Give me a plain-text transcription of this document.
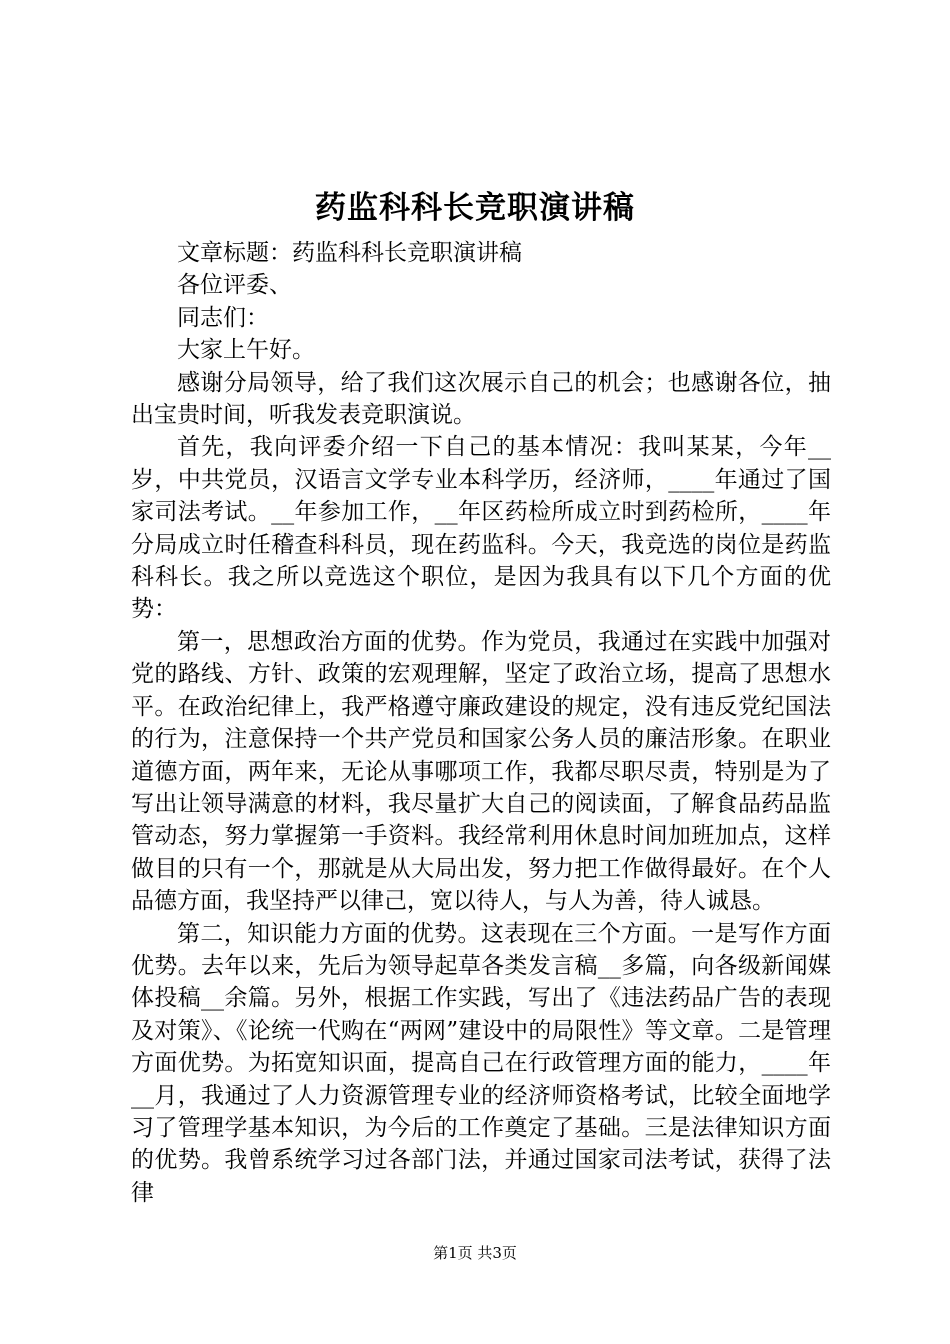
药监科科长竞职演讲稿

文章标题：药监科科长竞职演讲稿

各位评委、

同志们：

大家上午好。

感谢分局领导，给了我们这次展示自己的机会；也感谢各位，抽出宝贵时间，听我发表竞职演说。

首先，我向评委介绍一下自己的基本情况：我叫某某，今年__岁，中共党员，汉语言文学专业本科学历，经济师，____年通过了国家司法考试。__年参加工作，__年区药检所成立时到药检所，____年分局成立时任稽查科科员，现在药监科。今天，我竞选的岗位是药监科科长。我之所以竞选这个职位，是因为我具有以下几个方面的优势：

第一，思想政治方面的优势。作为党员，我通过在实践中加强对党的路线、方针、政策的宏观理解，坚定了政治立场，提高了思想水平。在政治纪律上，我严格遵守廉政建设的规定，没有违反党纪国法的行为，注意保持一个共产党员和国家公务人员的廉洁形象。在职业道德方面，两年来，无论从事哪项工作，我都尽职尽责，特别是为了写出让领导满意的材料，我尽量扩大自己的阅读面，了解食品药品监管动态，努力掌握第一手资料。我经常利用休息时间加班加点，这样做目的只有一个，那就是从大局出发，努力把工作做得最好。在个人品德方面，我坚持严以律己，宽以待人，与人为善，待人诚恳。

第二，知识能力方面的优势。这表现在三个方面。一是写作方面优势。去年以来，先后为领导起草各类发言稿__多篇，向各级新闻媒体投稿__余篇。另外，根据工作实践，写出了《违法药品广告的表现及对策》、《论统一代购在“两网”建设中的局限性》等文章。二是管理方面优势。为拓宽知识面，提高自己在行政管理方面的能力，____年__月，我通过了人力资源管理专业的经济师资格考试，比较全面地学习了管理学基本知识，为今后的工作奠定了基础。三是法律知识方面的优势。我曾系统学习过各部门法，并通过国家司法考试，获得了法律

第1页 共3页
